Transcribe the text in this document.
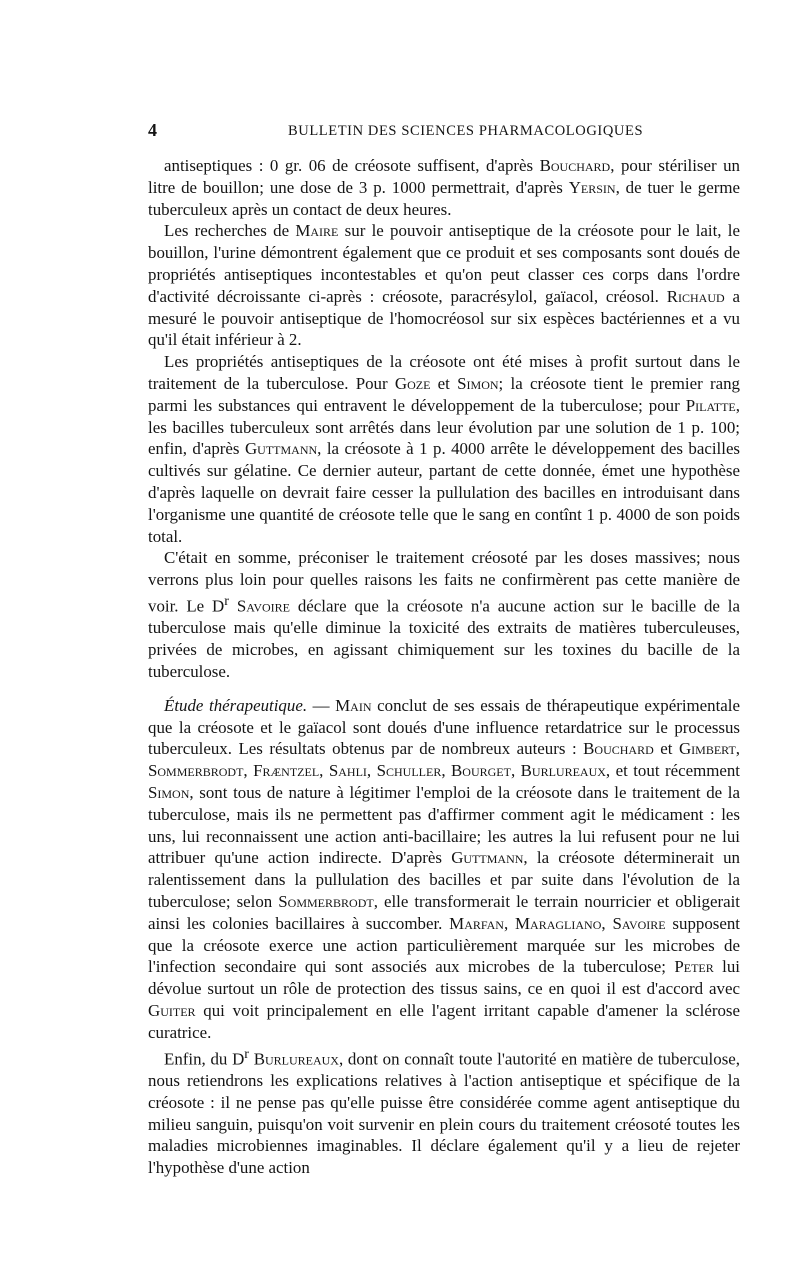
4	BULLETIN DES SCIENCES PHARMACOLOGIQUES

antiseptiques : 0 gr. 06 de créosote suffisent, d'après Bouchard, pour stériliser un litre de bouillon; une dose de 3 p. 1000 permettrait, d'après Yersin, de tuer le germe tuberculeux après un contact de deux heures.

Les recherches de Maire sur le pouvoir antiseptique de la créosote pour le lait, le bouillon, l'urine démontrent également que ce produit et ses composants sont doués de propriétés antiseptiques incontestables et qu'on peut classer ces corps dans l'ordre d'activité décroissante ci-après : créosote, paracrésylol, gaïacol, créosol. Richaud a mesuré le pouvoir antiseptique de l'homocréosol sur six espèces bactériennes et a vu qu'il était inférieur à 2.

Les propriétés antiseptiques de la créosote ont été mises à profit surtout dans le traitement de la tuberculose. Pour Goze et Simon; la créosote tient le premier rang parmi les substances qui entravent le développement de la tuberculose; pour Pilatte, les bacilles tuberculeux sont arrêtés dans leur évolution par une solution de 1 p. 100; enfin, d'après Guttmann, la créosote à 1 p. 4000 arrête le développement des bacilles cultivés sur gélatine. Ce dernier auteur, partant de cette donnée, émet une hypothèse d'après laquelle on devrait faire cesser la pullulation des bacilles en introduisant dans l'organisme une quantité de créosote telle que le sang en contînt 1 p. 4000 de son poids total.

C'était en somme, préconiser le traitement créosoté par les doses massives; nous verrons plus loin pour quelles raisons les faits ne confirmèrent pas cette manière de voir. Le $D^r$ Savoire déclare que la créosote n'a aucune action sur le bacille de la tuberculose mais qu'elle diminue la toxicité des extraits de matières tuberculeuses, privées de microbes, en agissant chimiquement sur les toxines du bacille de la tuberculose.

Étude thérapeutique. — Main conclut de ses essais de thérapeutique expérimentale que la créosote et le gaïacol sont doués d'une influence retardatrice sur le processus tuberculeux. Les résultats obtenus par de nombreux auteurs : Bouchard et Gimbert, Sommerbrodt, Fræntzel, Sahli, Schuller, Bourget, Burlureaux, et tout récemment Simon, sont tous de nature à légitimer l'emploi de la créosote dans le traitement de la tuberculose, mais ils ne permettent pas d'affirmer comment agit le médicament : les uns, lui reconnaissent une action anti-bacillaire; les autres la lui refusent pour ne lui attribuer qu'une action indirecte. D'après Guttmann, la créosote déterminerait un ralentissement dans la pullulation des bacilles et par suite dans l'évolution de la tuberculose; selon Sommerbrodt, elle transformerait le terrain nourricier et obligerait ainsi les colonies bacillaires à succomber. Marfan, Maragliano, Savoire supposent que la créosote exerce une action particulièrement marquée sur les microbes de l'infection secondaire qui sont associés aux microbes de la tuberculose; Peter lui dévolue surtout un rôle de protection des tissus sains, ce en quoi il est d'accord avec Guiter qui voit principalement en elle l'agent irritant capable d'amener la sclérose curatrice.

Enfin, du $D^r$ Burlureaux, dont on connaît toute l'autorité en matière de tuberculose, nous retiendrons les explications relatives à l'action antiseptique et spécifique de la créosote : il ne pense pas qu'elle puisse être considérée comme agent antiseptique du milieu sanguin, puisqu'on voit survenir en plein cours du traitement créosoté toutes les maladies microbiennes imaginables. Il déclare également qu'il y a lieu de rejeter l'hypothèse d'une action
